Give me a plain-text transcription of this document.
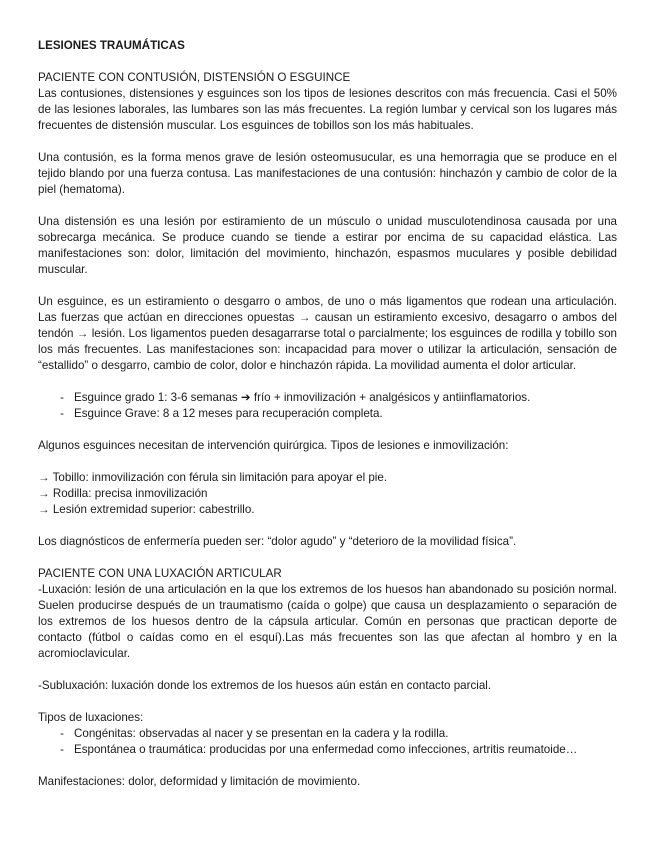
LESIONES TRAUMÁTICAS
PACIENTE CON CONTUSIÓN, DISTENSIÓN O ESGUINCE

Las contusiones, distensiones y esguinces son los tipos de lesiones descritos con más frecuencia. Casi el 50% de las lesiones laborales, las lumbares son las más frecuentes. La región lumbar y cervical son los lugares más frecuentes de distensión muscular. Los esguinces de tobillos son los más habituales.

Una contusión, es la forma menos grave de lesión osteomusucular, es una hemorragia que se produce en el tejido blando por una fuerza contusa. Las manifestaciones de una contusión: hinchazón y cambio de color de la piel (hematoma).

Una distensión es una lesión por estiramiento de un músculo o unidad musculotendinosa causada por una sobrecarga mecánica. Se produce cuando se tiende a estirar por encima de su capacidad elástica. Las manifestaciones son: dolor, limitación del movimiento, hinchazón, espasmos muculares y posible debilidad muscular.

Un esguince, es un estiramiento o desgarro o ambos, de uno o más ligamentos que rodean una articulación. Las fuerzas que actúan en direcciones opuestas → causan un estiramiento excesivo, desagarro o ambos del tendón → lesión. Los ligamentos pueden desagarrarse total o parcialmente; los esguinces de rodilla y tobillo son los más frecuentes. Las manifestaciones son: incapacidad para mover o utilizar la articulación, sensación de “estallido” o desgarro, cambio de color, dolor e hinchazón rápida. La movilidad aumenta el dolor articular.

- Esguince grado 1: 3-6 semanas ➔ frío + inmovilización + analgésicos y antiinflamatorios.
- Esguince Grave: 8 a 12 meses para recuperación completa.

Algunos esguinces necesitan de intervención quirúrgica. Tipos de lesiones e inmovilización:

→ Tobillo: inmovilización con férula sin limitación para apoyar el pie.
→ Rodilla: precisa inmovilización
→ Lesión extremidad superior: cabestrillo.

Los diagnósticos de enfermería pueden ser: “dolor agudo” y “deterioro de la movilidad física”.

PACIENTE CON UNA LUXACIÓN ARTICULAR

-Luxación: lesión de una articulación en la que los extremos de los huesos han abandonado su posición normal. Suelen producirse después de un traumatismo (caída o golpe) que causa un desplazamiento o separación de los extremos de los huesos dentro de la cápsula articular. Común en personas que practican deporte de contacto (fútbol o caídas como en el esquí).Las más frecuentes son las que afectan al hombro y en la acromioclavicular.

-Subluxación: luxación donde los extremos de los huesos aún están en contacto parcial.

Tipos de luxaciones:
- Congénitas: observadas al nacer y se presentan en la cadera y la rodilla.
- Espontánea o traumática: producidas por una enfermedad como infecciones, artritis reumatoide…

Manifestaciones: dolor, deformidad y limitación de movimiento.
